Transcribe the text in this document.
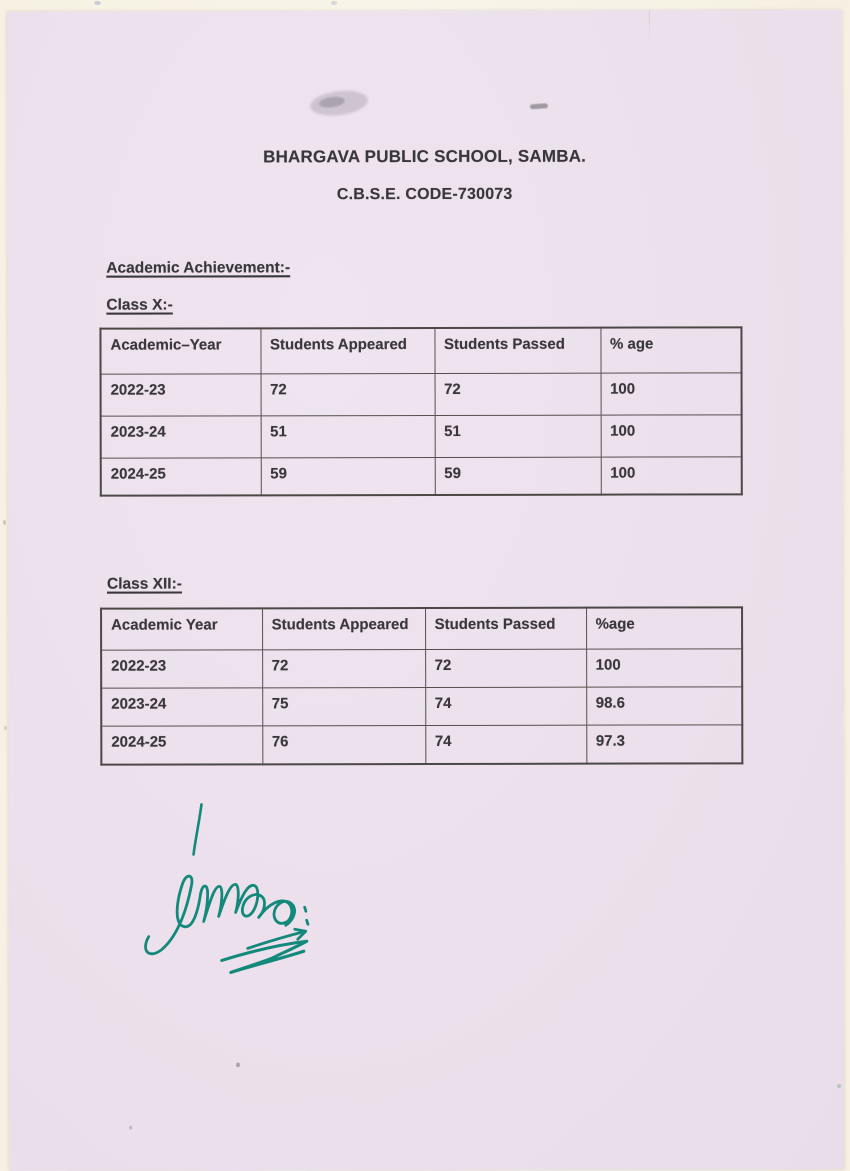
BHARGAVA PUBLIC SCHOOL, SAMBA.
C.B.S.E. CODE-730073
Academic Achievement:-
Class X:-
Academic–Year	Students Appeared	Students Passed	% age
2022-23	72	72	100
2023-24	51	51	100
2024-25	59	59	100
Class XII:-
Academic Year	Students Appeared	Students Passed	%age
2022-23	72	72	100
2023-24	75	74	98.6
2024-25	76	74	97.3
